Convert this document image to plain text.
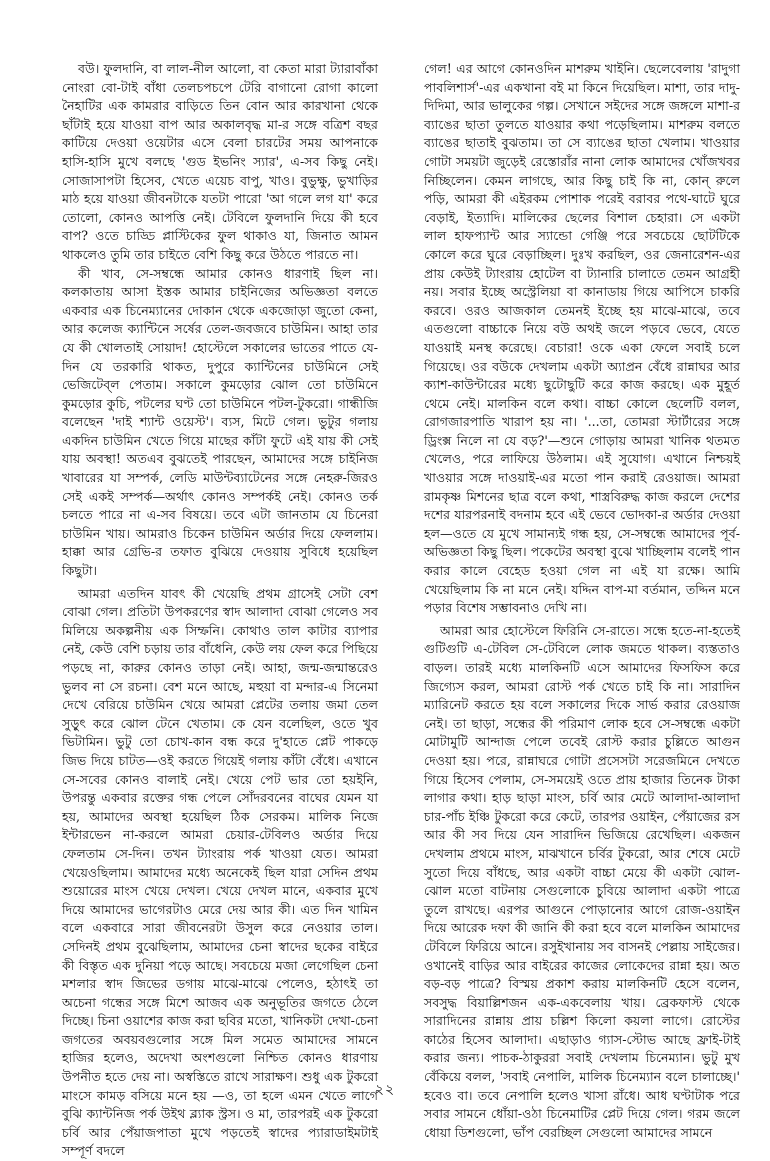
বউ। ফুলদানি, বা লাল-নীল আলো, বা কেতা মারা ট্যারাবাঁকা নোংরা বো-টাই বাঁধা তেলচপচপে টেরি বাগানো রোগা কালো নৈহাটির এক কামরার বাড়িতে তিন বোন আর কারখানা থেকে ছাঁটাই হয়ে যাওয়া বাপ আর অকালবৃদ্ধ মা-র সঙ্গে বত্রিশ বছর কাটিয়ে দেওয়া ওয়েটার এসে বেলা চারটের সময় আপনাকে হাসি-হাসি মুখে বলছে 'গুড ইভনিং স্যার', এ-সব কিছু নেই। সোজাসাপটা হিসেব, খেতে এয়েচ বাপু, খাও। বুভুক্ষু, ভুখাড়ির মাঠ হয়ে যাওয়া জীবনটাকে যতটা পারো 'আ গলে লগ যা' করে তোলো, কোনও আপত্তি নেই। টেবিলে ফুলদানি দিয়ে কী হবে বাপ? ওতে চাড্ডি প্লাস্টিকের ফুল থাকাও যা, জিনাত আমন থাকলেও তুমি তার চাইতে বেশি কিছু করে উঠতে পারতে না।

কী খাব, সে-সম্বন্ধে আমার কোনও ধারণাই ছিল না। কলকাতায় আসা ইস্তক আমার চাইনিজের অভিজ্ঞতা বলতে একবার এক চিনেম্যানের দোকান থেকে একজোড়া জুতো কেনা, আর কলেজ ক্যান্টিনে সর্ষের তেল-জবজবে চাউমিন। আহা তার যে কী খোলতাই সোয়াদ! হোস্টেলে সকালের ভাতের পাতে যে-দিন যে তরকারি থাকত, দুপুরে ক্যান্টিনের চাউমিনে সেই ভেজিটেব্‌ল পেতাম। সকালে কুমড়োর ঝোল তো চাউমিনে কুমড়োর কুচি, পটলের ঘণ্ট তো চাউমিনে পটল-টুকরো। গান্ধীজি বলেছেন 'দাই শ্যান্ট ওয়েস্ট'। ব্যস, মিটে গেল। ভুটুর গলায় একদিন চাউমিন খেতে গিয়ে মাছের কাঁটা ফুটে এই যায় কী সেই যায় অবস্থা! অতএব বুঝতেই পারছেন, আমাদের সঙ্গে চাইনিজ খাবারের যা সম্পর্ক, লেডি মাউন্টব্যাটেনের সঙ্গে নেহরু-জিরও সেই একই সম্পর্ক—অর্থাৎ কোনও সম্পর্কই নেই। কোনও তর্ক চলতে পারে না এ-সব বিষয়ে। তবে এটা জানতাম যে চিনেরা চাউমিন খায়। আমরাও চিকেন চাউমিন অর্ডার দিয়ে ফেললাম। হাক্কা আর গ্রেভি-র তফাত বুঝিয়ে দেওয়ায় সুবিধে হয়েছিল কিছুটা।

আমরা এতদিন যাবৎ কী খেয়েছি প্রথম গ্রাসেই সেটা বেশ বোঝা গেল। প্রতিটা উপকরণের স্বাদ আলাদা বোঝা গেলেও সব মিলিয়ে অকল্পনীয় এক সিম্ফনি। কোথাও তাল কাটার ব্যাপার নেই, কেউ বেশি চড়ায় তার বাঁধেনি, কেউ লয় ফেল করে পিছিয়ে পড়ছে না, কারুর কোনও তাড়া নেই। আহা, জন্ম-জন্মান্তরেও ভুলব না সে রচনা। বেশ মনে আছে, মহুয়া বা মন্দার-এ সিনেমা দেখে বেরিয়ে চাউমিন খেয়ে আমরা প্লেটের তলায় জমা তেল সুড়ুৎ করে ঝোল টেনে খেতাম। কে যেন বলেছিল, ওতে খুব ভিটামিন। ভুটু তো চোখ-কান বন্ধ করে দু'হাতে প্লেট পাকড়ে জিভ দিয়ে চাটত—ওই করতে গিয়েই গলায় কাঁটা বেঁধে। এখানে সে-সবের কোনও বালাই নেই। খেয়ে পেট ভার তো হয়ইনি, উপরন্তু একবার রক্তের গন্ধ পেলে সোঁদরবনের বাঘের যেমন যা হয়, আমাদের অবস্থা হয়েছিল ঠিক সেরকম। মালিক নিজে ইন্টারভেন না-করলে আমরা চেয়ার-টেবিলও অর্ডার দিয়ে ফেলতাম সে-দিন। তখন ট্যাংরায় পর্ক খাওয়া যেত। আমরা খেয়েওছিলাম। আমাদের মধ্যে অনেকেই ছিল যারা সেদিন প্রথম শুয়োরের মাংস খেয়ে দেখল। খেয়ে দেখল মানে, একবার মুখে দিয়ে আমাদের ভাগেরটাও মেরে দেয় আর কী। এত দিন খামিন বলে একবারে সারা জীবনেরটা উসুল করে নেওয়ার তাল। সেদিনই প্রথম বুঝেছিলাম, আমাদের চেনা স্বাদের ছকের বাইরে কী বিস্তৃত এক দুনিয়া পড়ে আছে। সবচেয়ে মজা লেগেছিল চেনা মশলার স্বাদ জিভের ডগায় মাঝে-মাঝে পেলেও, হঠাৎই তা অচেনা গন্ধের সঙ্গে মিশে আজব এক অনুভূতির জগতে ঠেলে দিচ্ছে। চিনা ওয়াশের কাজ করা ছবির মতো, খানিকটা দেখা-চেনা জগতের অবয়বগুলোর সঙ্গে মিল সমেত আমাদের সামনে হাজির হলেও, অদেখা অংশগুলো নিশ্চিত কোনও ধারণায় উপনীত হতে দেয় না। অস্বস্তিতে রাখে সারাক্ষণ। শুধু এক টুকরো মাংসে কামড় বসিয়ে মনে হয় —ও, তা হলে এমন খেতে লাগে বুঝি ক্যান্টনিজ পর্ক উইথ ব্ল্যাক স্ট্রস। ও মা, তারপরই এক টুকরো চর্বি আর পেঁয়াজপাতা মুখে পড়তেই স্বাদের প্যারাডাইমটাই সম্পূর্ণ বদলে

গেল! এর আগে কোনওদিন মাশরুম খাইনি। ছেলেবেলায় 'রাদুগা পাবলিশার্স'-এর একখানা বই মা কিনে দিয়েছিল। মাশা, তার দাদু-দিদিমা, আর ভালুকের গল্প। সেখানে সইদের সঙ্গে জঙ্গলে মাশা-র ব্যাঙের ছাতা তুলতে যাওয়ার কথা পড়েছিলাম। মাশরুম বলতে ব্যাঙের ছাতাই বুঝতাম। তা সে ব্যাঙের ছাতা খেলাম। খাওয়ার গোটা সময়টা জুড়েই রেস্তোরাঁর নানা লোক আমাদের খোঁজখবর নিচ্ছিলেন। কেমন লাগছে, আর কিছু চাই কি না, কোন্ রুলে পড়ি, আমরা কী এইরকম পোশাক পরেই বরাবর পথে-ঘাটে ঘুরে বেড়াই, ইত্যাদি। মালিকের ছেলের বিশাল চেহারা। সে একটা লাল হাফপ্যান্ট আর স্যান্ডো গেঞ্জি পরে সবচেয়ে ছোটটিকে কোলে করে ঘুরে বেড়াচ্ছিল। দুঃখ করছিল, ওর জেনারেশন-এর প্রায় কেউই ট্যাংরায় হোটেল বা ট্যানারি চালাতে তেমন আগ্রহী নয়। সবার ইচ্ছে অস্ট্রেলিয়া বা কানাডায় গিয়ে আপিসে চাকরি করবে। ওরও আজকাল তেমনই ইচ্ছে হয় মাঝে-মাঝে, তবে এতগুলো বাচ্চাকে নিয়ে বউ অথই জলে পড়বে ভেবে, যেতে যাওয়াই মনস্থ করেছে। বেচারা! ওকে একা ফেলে সবাই চলে গিয়েছে। ওর বউকে দেখলাম একটা অ্যাপ্রন বেঁধে রান্নাঘর আর ক্যাশ-কাউন্টারের মধ্যে ছুটোছুটি করে কাজ করছে। এক মুহূর্ত থেমে নেই। মালকিন বলে কথা। বাচ্চা কোলে ছেলেটি বলল, রোগজারপাতি খারাপ হয় না। '...তা, তোমরা স্টার্টারের সঙ্গে ড্রিংক্স নিলে না যে বড়?'—শুনে গোড়ায় আমরা খানিক থতমত খেলেও, পরে লাফিয়ে উঠলাম। এই সুযোগ। এখানে নিশ্চয়ই খাওয়ার সঙ্গে দাওয়াই-এর মতো পান করাই রেওয়াজ। আমরা রামকৃষ্ণ মিশনের ছাত্র বলে কথা, শাস্ত্রবিরুদ্ধ কাজ করলে দেশের দশের যারপরনাই বদনাম হবে এই ভেবে ভোদকা-র অর্ডার দেওয়া হল—ওতে যে মুখে সামান্যই গন্ধ হয়, সে-সম্বন্ধে আমাদের পূর্ব-অভিজ্ঞতা কিছু ছিল। পকেটের অবস্থা বুঝে খাচ্ছিলাম বলেই পান করার কালে বেহেড হওয়া গেল না এই যা রক্ষে। আমি খেয়েছিলাম কি না মনে নেই। যদ্দিন বাপ-মা বর্তমান, তদ্দিন মনে পড়ার বিশেষ সম্ভাবনাও দেখি না।

আমরা আর হোস্টেলে ফিরিনি সে-রাতে। সন্ধে হতে-না-হতেই গুটিগুটি এ-টেবিল সে-টেবিলে লোক জমতে থাকল। ব্যস্ততাও বাড়ল। তারই মধ্যে মালকিনটি এসে আমাদের ফিসফিস করে জিগ্যেস করল, আমরা রোস্ট পর্ক খেতে চাই কি না। সারাদিন ম্যারিনেট করতে হয় বলে সকালের দিকে সার্ভ করার রেওয়াজ নেই। তা ছাড়া, সন্ধের কী পরিমাণ লোক হবে সে-সম্বন্ধে একটা মোটামুটি আন্দাজ পেলে তবেই রোস্ট করার চুল্লিতে আগুন দেওয়া হয়। পরে, রান্নাঘরে গোটা প্রসেসটা সরেজমিনে দেখতে গিয়ে হিসেব পেলাম, সে-সময়েই ওতে প্রায় হাজার তিনেক টাকা লাগার কথা। হাড় ছাড়া মাংস, চর্বি আর মেটে আলাদা-আলাদা চার-পাঁচ ইঞ্চি টুকরো করে কেটে, তারপর ওয়াইন, পেঁয়াজের রস আর কী সব দিয়ে যেন সারাদিন ভিজিয়ে রেখেছিল। একজন দেখলাম প্রথমে মাংস, মাঝখানে চর্বির টুকরো, আর শেষে মেটে সুতো দিয়ে বাঁধছে, আর একটা বাচ্চা মেয়ে কী একটা ঝোল-ঝোল মতো বাটনায় সেগুলোকে চুবিয়ে আলাদা একটা পাত্রে তুলে রাখছে। এরপর আগুনে পোড়ানোর আগে রোজ-ওয়াইন দিয়ে আরেক দফা কী জানি কী করা হবে বলে মালকিন আমাদের টেবিলে ফিরিয়ে আনে। রসুইখানায় সব বাসনই পেল্লায় সাইজের। ওখানেই বাড়ির আর বাইরের কাজের লোকেদের রান্না হয়। অত বড়-বড় পাত্রে? বিস্ময় প্রকাশ করায় মালকিনটি হেসে বলেন, সবসুদ্ধ বিয়াল্লিশজন এক-একবেলায় খায়। ব্রেকফাস্ট থেকে সারাদিনের রান্নায় প্রায় চল্লিশ কিলো কয়লা লাগে। রোস্টের কাঠের হিসেব আলাদা। এছাড়াও গ্যাস-স্টোভ আছে ফ্রাই-টাই করার জন্য। পাচক-ঠাকুররা সবাই দেখলাম চিনেম্যান। ভুটু মুখ বেঁকিয়ে বলল, 'সবাই নেপালি, মালিক চিনেম্যান বলে চালাচ্ছে।' হবেও বা। তবে নেপালি হলেও খাসা রাঁধে। আধ ঘণ্টাটাক পরে সবার সামনে ধোঁয়া-ওঠা চিনেমাটির প্লেট দিয়ে গেল। গরম জলে ধোয়া ডিশগুলো, ভাঁপ বেরচ্ছিল সেগুলো আমাদের সামনে

২২
